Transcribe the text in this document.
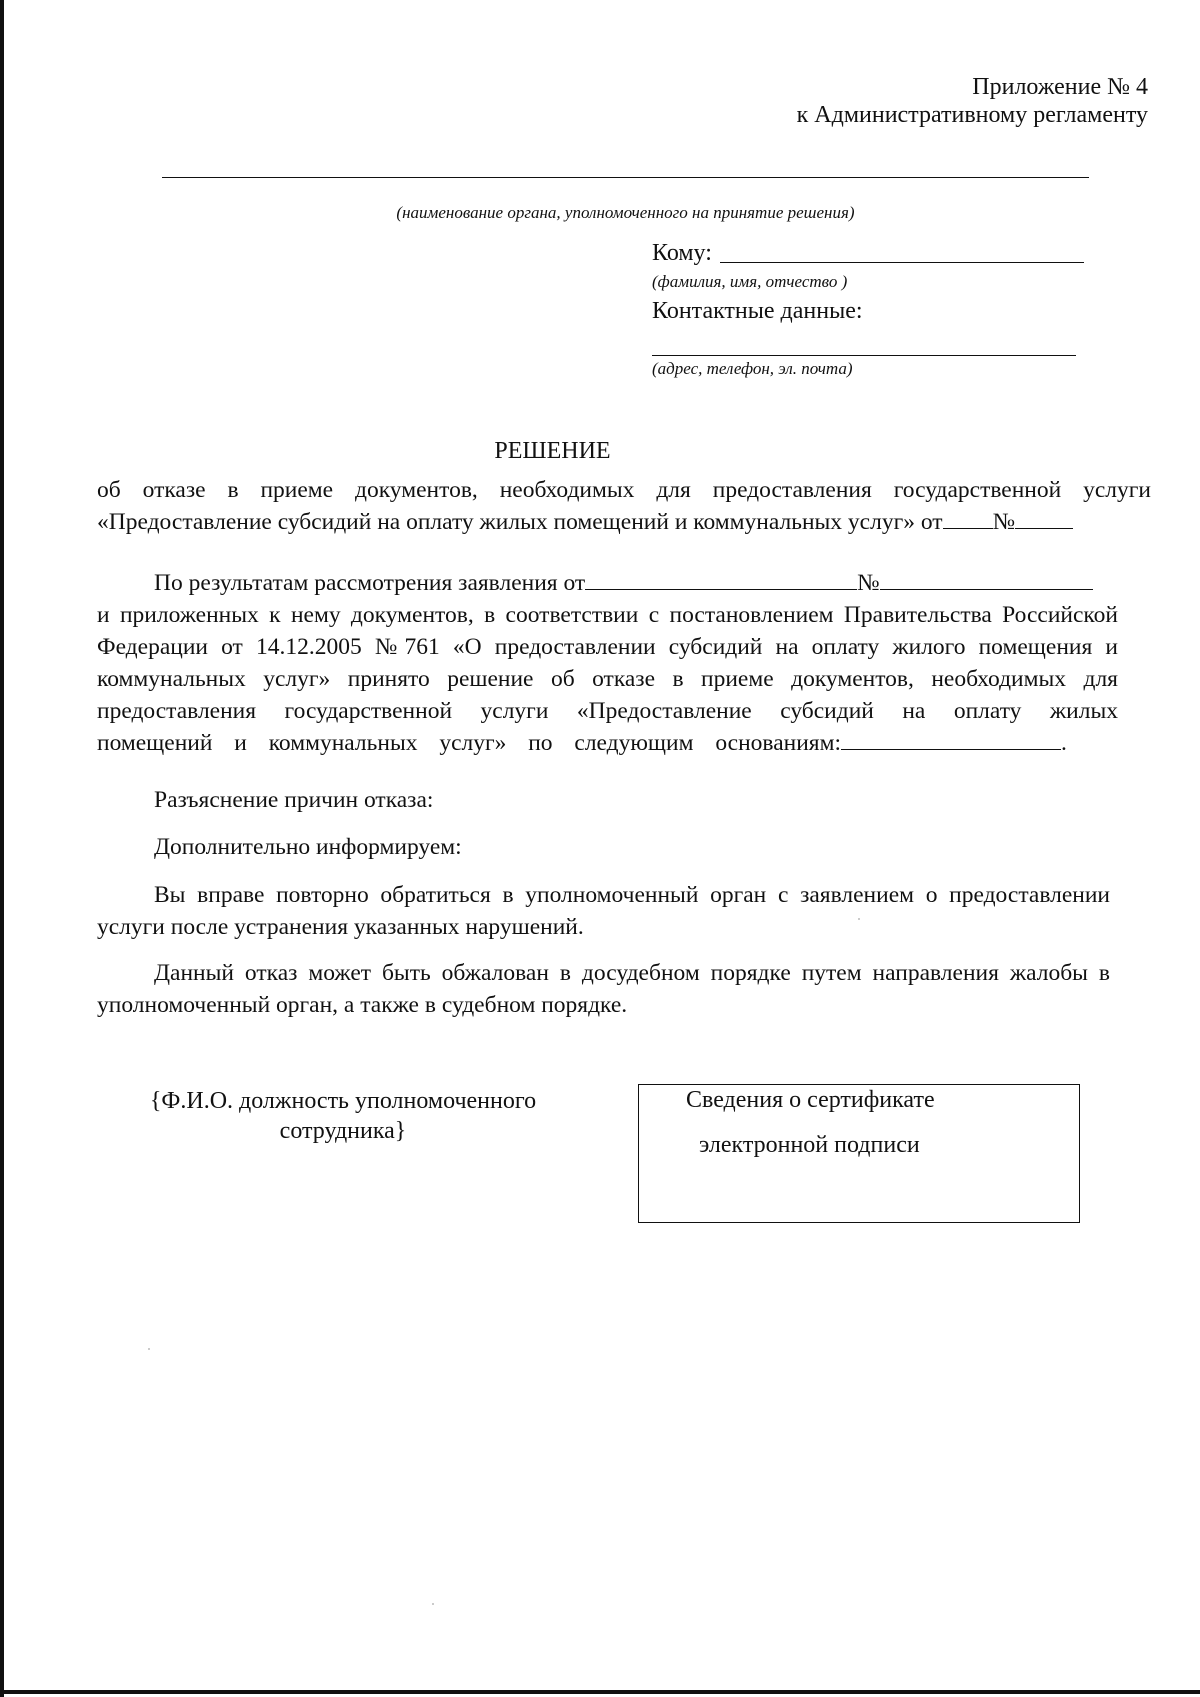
Приложение № 4
к Административному регламенту
(наименование органа, уполномоченного на принятие решения)
Кому:
(фамилия, имя, отчество )
Контактные данные:
(адрес, телефон, эл. почта)
РЕШЕНИЕ
об отказе в приеме документов, необходимых для предоставления государственной услуги
«Предоставление субсидий на оплату жилых помещений и коммунальных услуг» от №
По результатам рассмотрения заявления от	№
и приложенных к нему документов, в соответствии с постановлением Правительства Российской
Федерации от 14.12.2005 №761 «О предоставлении субсидий на оплату жилого помещения и
коммунальных услуг» принято решение об отказе в приеме документов, необходимых для
предоставления государственной услуги «Предоставление субсидий на оплату жилых
помещений и коммунальных услуг» по следующим основаниям:	.
Разъяснение причин отказа:
Дополнительно информируем:
Вы вправе повторно обратиться в уполномоченный орган с заявлением о предоставлении
услуги после устранения указанных нарушений.
Данный отказ может быть обжалован в досудебном порядке путем направления жалобы в
уполномоченный орган, а также в судебном порядке.
{Ф.И.О. должность уполномоченного
сотрудника}
Сведения о сертификате
электронной подписи
